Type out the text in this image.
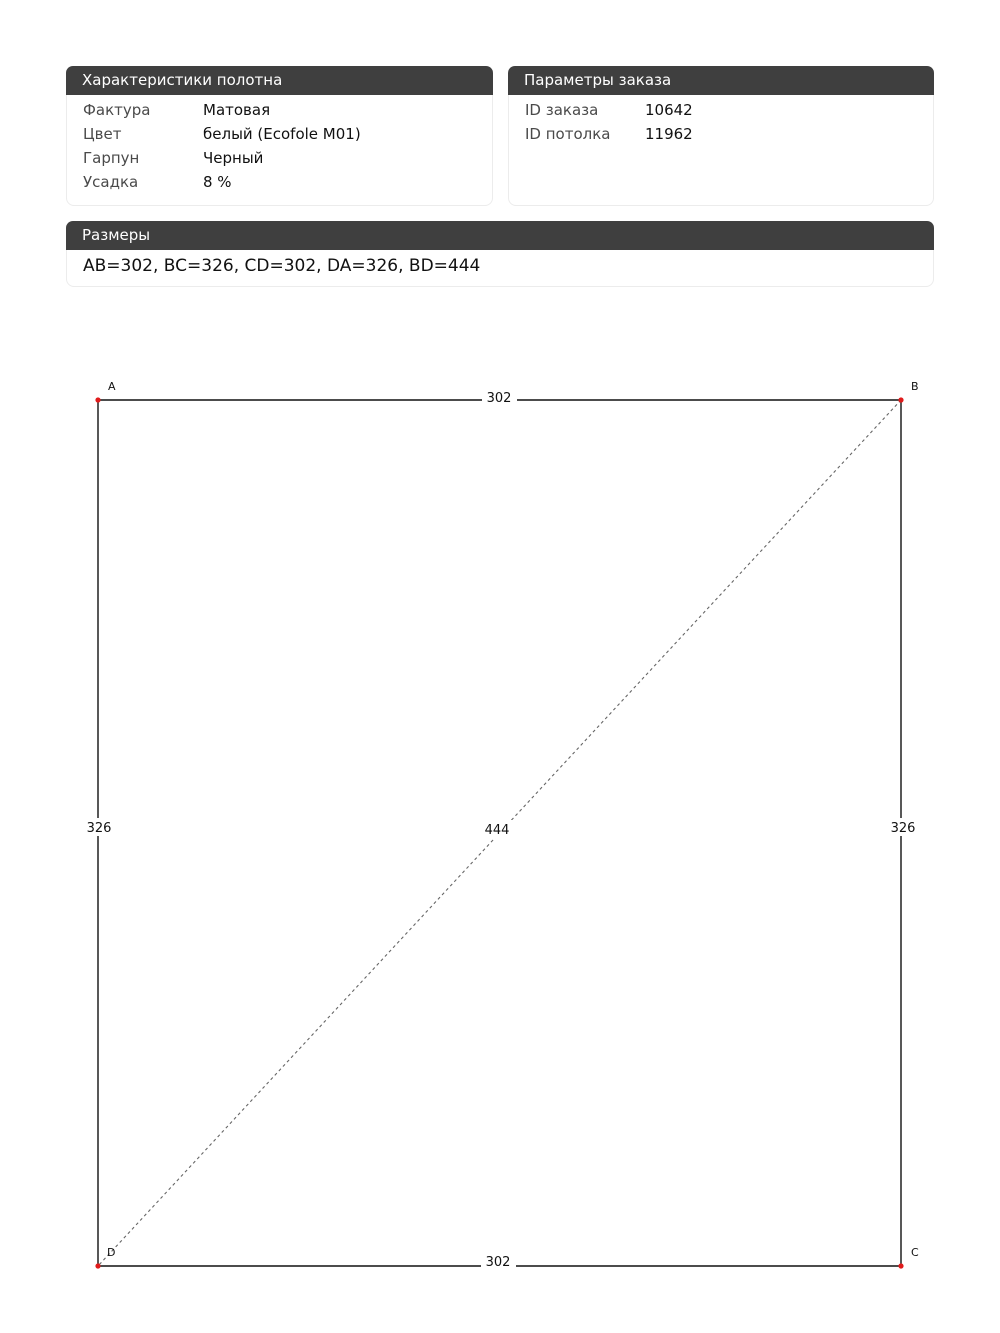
Характеристики полотна
Фактура	Матовая
Цвет	белый (Ecofole M01)
Гарпун	Черный
Усадка	8 %
Параметры заказа
ID заказа	10642
ID потолка	11962
Размеры
AB=302, BC=326, CD=302, DA=326, BD=444
302
326
302
326	444
A	B
C
D
